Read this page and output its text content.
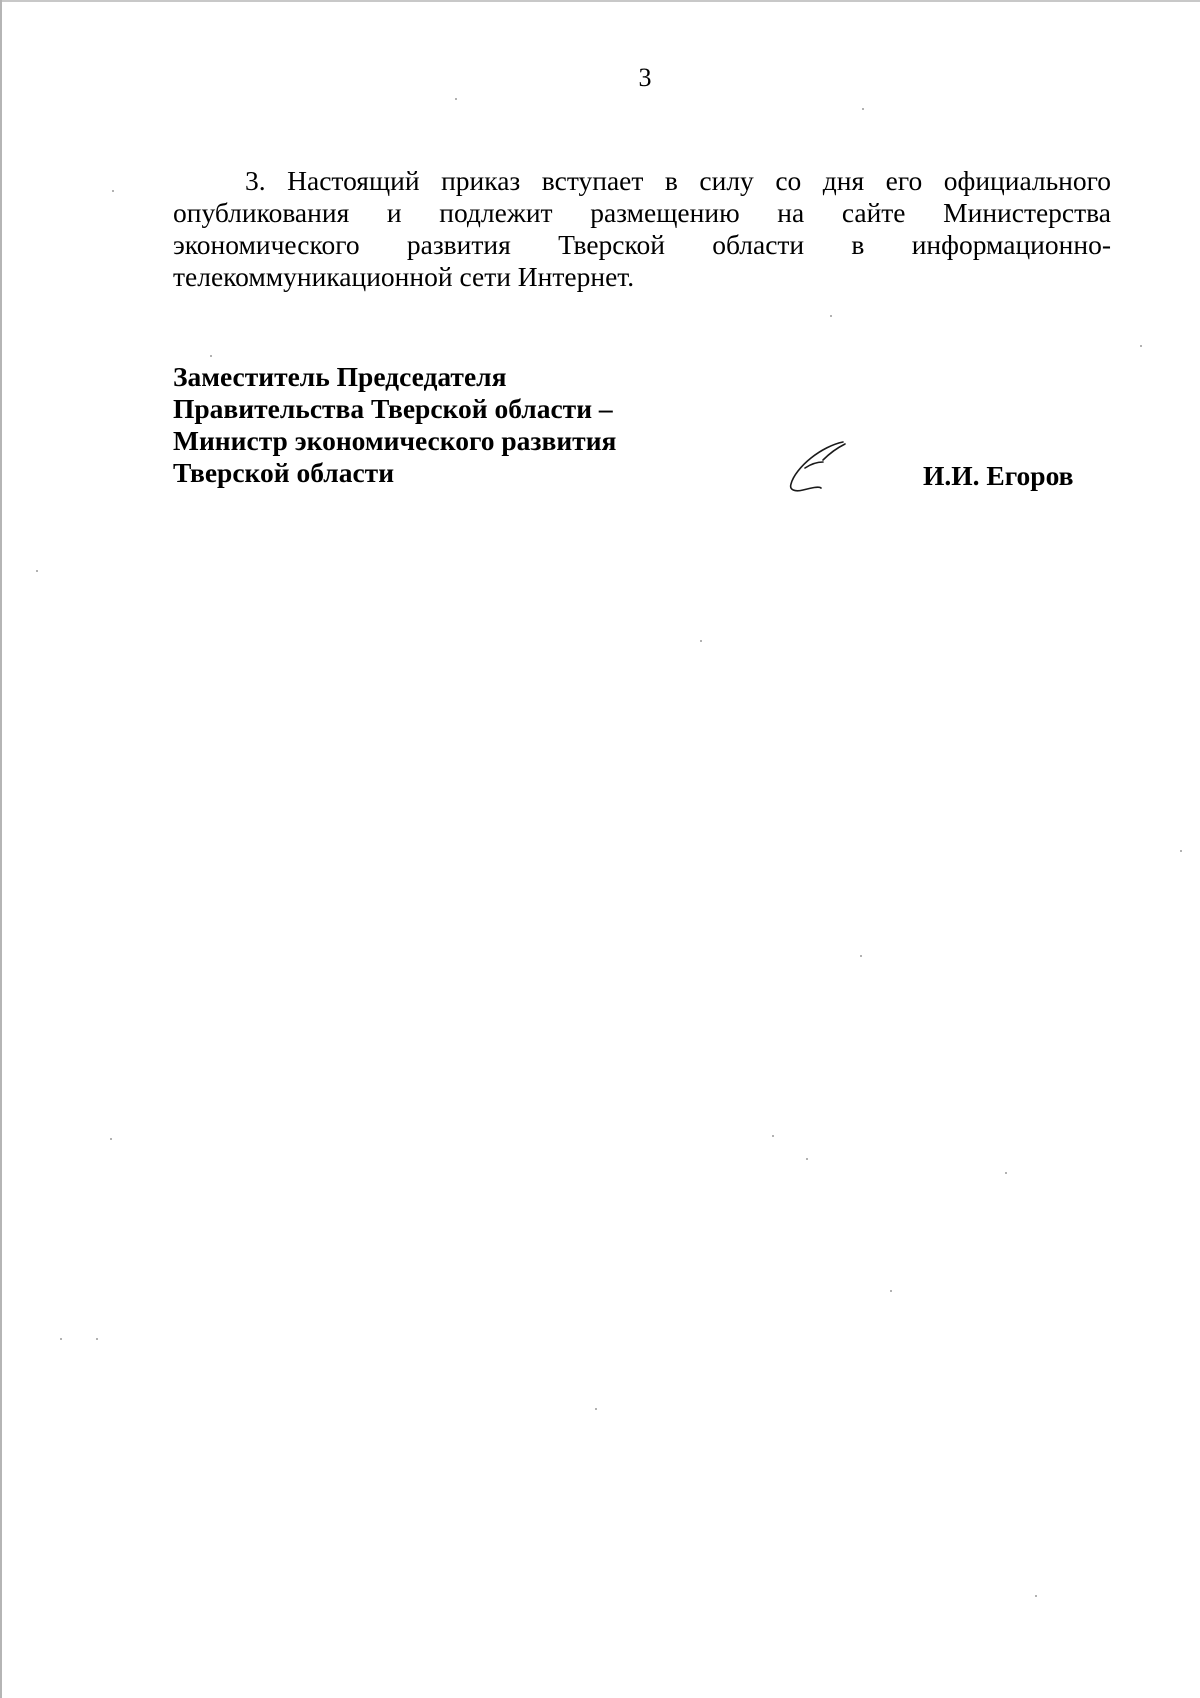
3

3. Настоящий приказ вступает в силу со дня его официального
опубликования и подлежит размещению на сайте Министерства
экономического развития Тверской области в информационно-
телекоммуникационной сети Интернет.

Заместитель Председателя
Правительства Тверской области –
Министр экономического развития
Тверской области	И.И. Егоров
